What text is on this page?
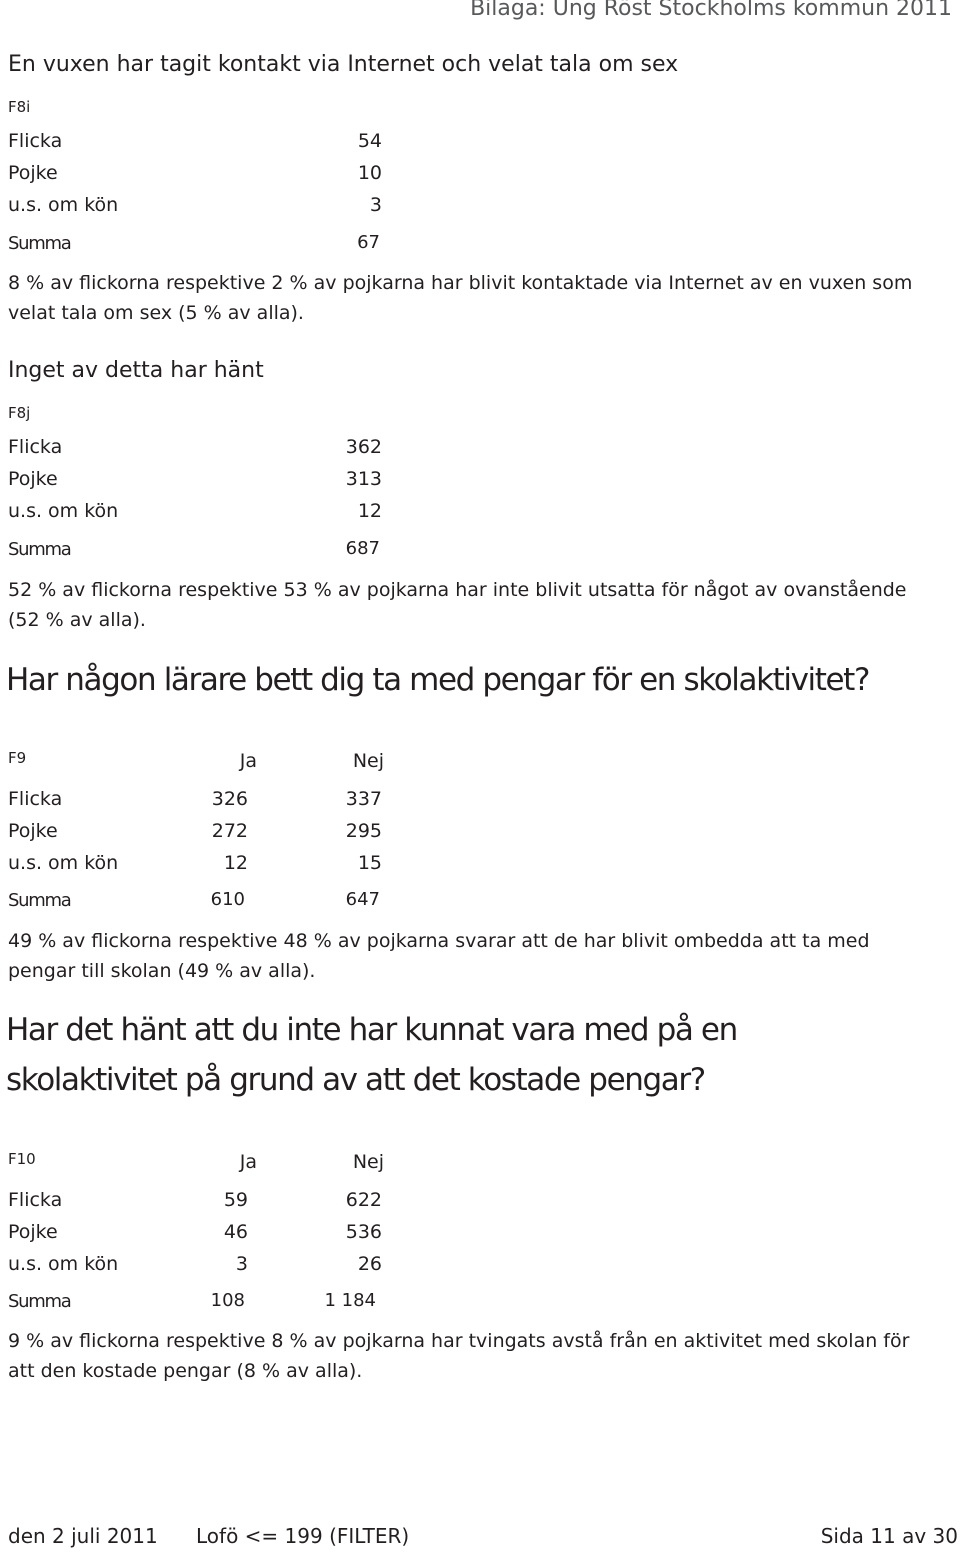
Bilaga: Ung Röst Stockholms kommun 2011
En vuxen har tagit kontakt via Internet och velat tala om sex
F8i
Flicka	54
Pojke	10
u.s. om kön	3
Summa	67
8 % av flickorna respektive 2 % av pojkarna har blivit kontaktade via Internet av en vuxen som
velat tala om sex (5 % av alla).
Inget av detta har hänt
F8j
Flicka	362
Pojke	313
u.s. om kön	12
Summa	687
52 % av flickorna respektive 53 % av pojkarna har inte blivit utsatta för något av ovanstående
(52 % av alla).
Har någon lärare bett dig ta med pengar för en skolaktivitet?
F9	Ja	Nej
Flicka	326	337
Pojke	272	295
u.s. om kön	12	15
Summa	610	647
49 % av flickorna respektive 48 % av pojkarna svarar att de har blivit ombedda att ta med
pengar till skolan (49 % av alla).
Har det hänt att du inte har kunnat vara med på en
skolaktivitet på grund av att det kostade pengar?
F10	Ja	Nej
Flicka	59	622
Pojke	46	536
u.s. om kön	3	26
Summa	108	1 184
9 % av flickorna respektive 8 % av pojkarna har tvingats avstå från en aktivitet med skolan för
att den kostade pengar (8 % av alla).
den 2 juli 2011 Lofö <= 199 (FILTER)	Sida 11 av 30
